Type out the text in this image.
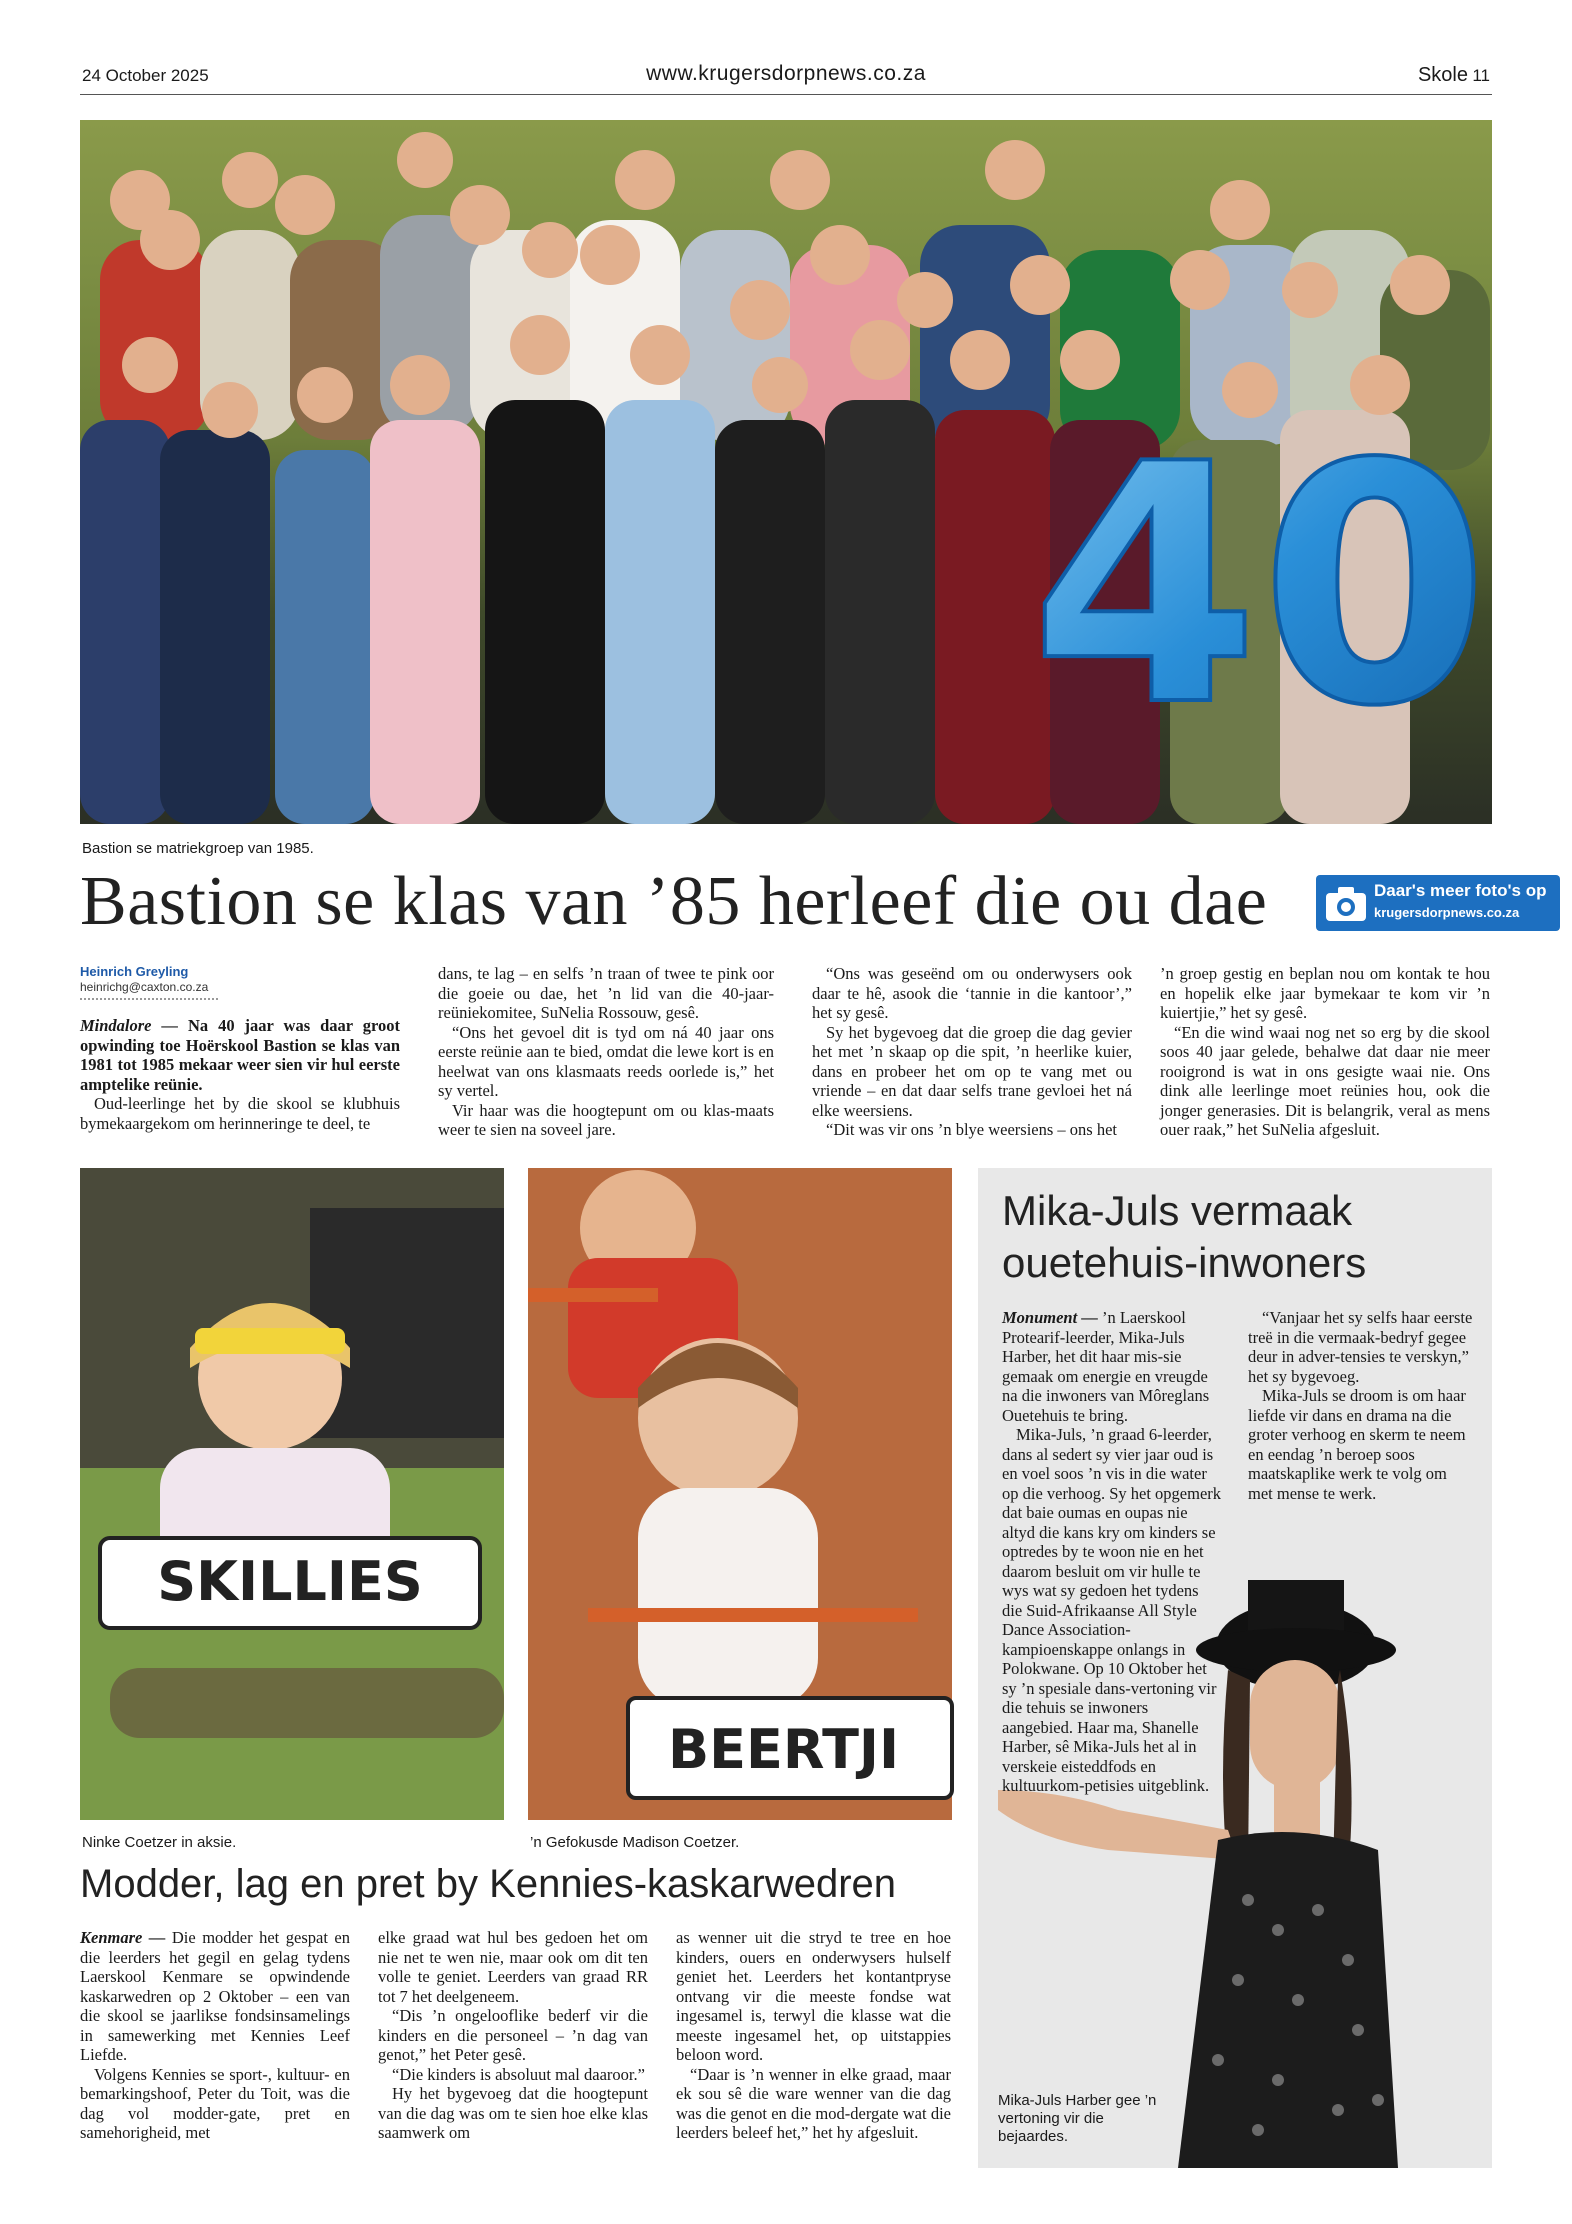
24 October 2025	www.krugersdorpnews.co.za	Skole 11
40
Daar's meer foto's op
krugersdorpnews.co.za
Bastion se matriekgroep van 1985.
Bastion se klas van ’85 herleef die ou dae
Heinrich Greyling
heinrichg@caxton.co.za

Mindalore — Na 40 jaar was daar groot opwinding toe Hoërskool Bastion se klas van 1981 tot 1985 mekaar weer sien vir hul eerste amptelike reünie.

Oud-leerlinge het by die skool se klubhuis bymekaargekom om herinneringe te deel, te

dans, te lag – en selfs ’n traan of twee te pink oor die goeie ou dae, het ’n lid van die 40-jaar-reüniekomitee, SuNelia Rossouw, gesê.

“Ons het gevoel dit is tyd om ná 40 jaar ons eerste reünie aan te bied, omdat die lewe kort is en heelwat van ons klasmaats reeds oorlede is,” het sy vertel.

Vir haar was die hoogtepunt om ou klas-maats weer te sien na soveel jare.

“Ons was geseënd om ou onderwysers ook daar te hê, asook die ‘tannie in die kantoor’,” het sy gesê.

Sy het bygevoeg dat die groep die dag gevier het met ’n skaap op die spit, ’n heerlike kuier, dans en probeer het om op te vang met ou vriende – en dat daar selfs trane gevloei het ná elke weersiens.

“Dit was vir ons ’n blye weersiens – ons het

’n groep gestig en beplan nou om kontak te hou en hopelik elke jaar bymekaar te kom vir ’n kuiertjie,” het sy gesê.

“En die wind waai nog net so erg by die skool soos 40 jaar gelede, behalwe dat daar nie meer rooigrond is wat in ons gesigte waai nie. Ons dink alle leerlinge moet reünies hou, ook die jonger generasies. Dit is belangrik, veral as mens ouer raak,” het SuNelia afgesluit.

SKILLIES
BEERTJI
Ninke Coetzer in aksie.	’n Gefokusde Madison Coetzer.
Modder, lag en pret by Kennies-kaskarwedren

Kenmare — Die modder het gespat en die leerders het gegil en gelag tydens Laerskool Kenmare se opwindende kaskarwedren op 2 Oktober – een van die skool se jaarlikse fondsinsamelings in samewerking met Kennies Leef Liefde.

Volgens Kennies se sport-, kultuur- en bemarkingshoof, Peter du Toit, was die dag vol modder-gate, pret en samehorigheid, met

elke graad wat hul bes gedoen het om nie net te wen nie, maar ook om dit ten volle te geniet. Leerders van graad RR tot 7 het deelgeneem.

“Dis ’n ongelooflike bederf vir die kinders en die personeel – ’n dag van genot,” het Peter gesê.

“Die kinders is absoluut mal daaroor.”

Hy het bygevoeg dat die hoogtepunt van die dag was om te sien hoe elke klas saamwerk om

as wenner uit die stryd te tree en hoe kinders, ouers en onderwysers hulself geniet het. Leerders het kontantpryse ontvang vir die meeste fondse wat ingesamel is, terwyl die klasse wat die meeste ingesamel het, op uitstappies beloon word.

“Daar is ’n wenner in elke graad, maar ek sou sê die ware wenner van die dag was die genot en die mod-dergate wat die leerders beleef het,” het hy afgesluit.

Mika-Juls vermaak
ouetehuis-inwoners

Monument — ’n Laerskool Protearif-leerder, Mika-Juls Harber, het dit haar mis-sie gemaak om energie en vreugde na die inwoners van Môreglans Ouetehuis te bring.

Mika-Juls, ’n graad 6-leerder, dans al sedert sy vier jaar oud is en voel soos ’n vis in die water op die verhoog. Sy het opgemerk dat baie oumas en oupas nie altyd die kans kry om kinders se optredes by te woon nie en het daarom besluit om vir hulle te wys wat sy gedoen het tydens die Suid-Afrikaanse All Style Dance Association-kampioenskappe onlangs in Polokwane. Op 10 Oktober het sy ’n spesiale dans-vertoning vir die tehuis se inwoners aangebied. Haar ma, Shanelle Harber, sê Mika-Juls het al in verskeie eisteddfods en kultuurkom-petisies uitgeblink.

“Vanjaar het sy selfs haar eerste treë in die vermaak-bedryf gegee deur in adver-tensies te verskyn,” het sy bygevoeg.

Mika-Juls se droom is om haar liefde vir dans en drama na die groter verhoog en skerm te neem en eendag ’n beroep soos maatskaplike werk te volg om met mense te werk.

Mika-Juls Harber gee ’n vertoning vir die bejaardes.
